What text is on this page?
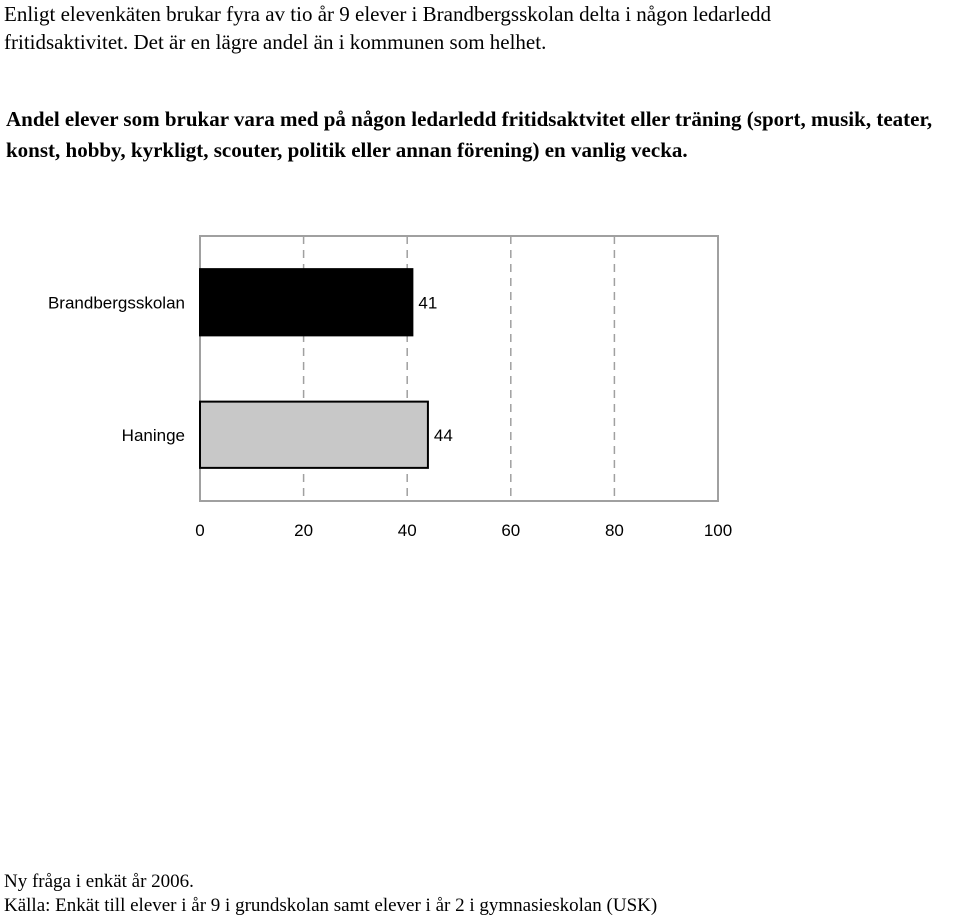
Enligt elevenkäten brukar fyra av tio år 9 elever i Brandbergsskolan delta i någon ledarledd
fritidsaktivitet. Det är en lägre andel än i kommunen som helhet.
Andel elever som brukar vara med på någon ledarledd fritidsaktvitet eller träning (sport, musik, teater, konst, hobby, kyrkligt, scouter, politik eller annan förening) en vanlig vecka.
Brandbergsskolan
Haninge
41
44
0	20	40	60	80	100
Ny fråga i enkät år 2006.
Källa: Enkät till elever i år 9 i grundskolan samt elever i år 2 i gymnasieskolan (USK)
